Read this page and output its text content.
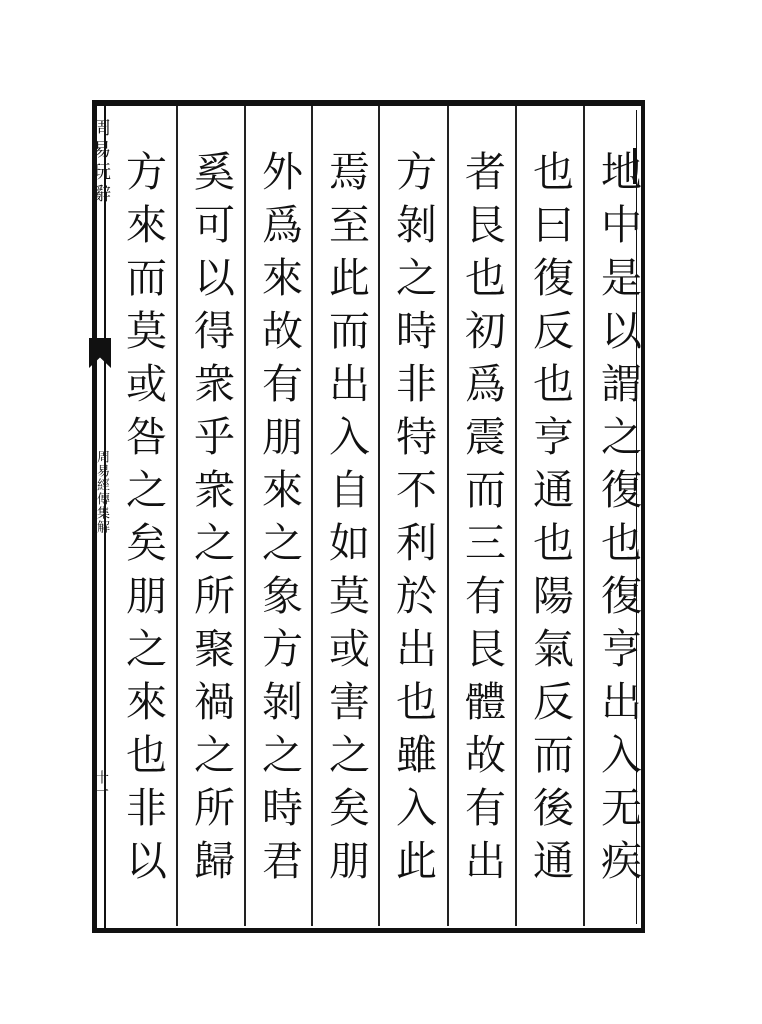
周易玩辭
周易經傳集解
十一
地中是以謂之復也復亨出入无疾
也曰復反也亨通也陽氣反而後通
者艮也初爲震而三有艮體故有出
方剝之時非特不利於出也雖入此
焉至此而出入自如莫或害之矣朋
外爲來故有朋來之象方剝之時君
奚可以得衆乎衆之所聚禍之所歸
方來而莫或咎之矣朋之來也非以
